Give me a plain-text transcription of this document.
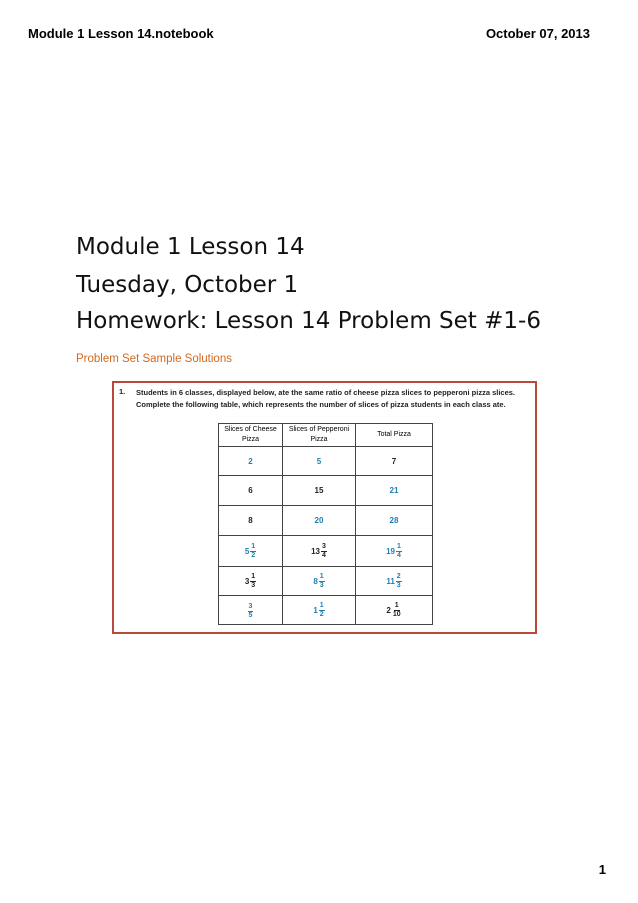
Module 1 Lesson 14.notebook	October 07, 2013
Module 1 Lesson 14
Tuesday, October 1
Homework: Lesson 14 Problem Set #1-6
Problem Set Sample Solutions
1. Students in 6 classes, displayed below, ate the same ratio of cheese pizza slices to pepperoni pizza slices. Complete the following table, which represents the number of slices of pizza students in each class ate.
Slices of Cheese Pizza	Slices of Pepperoni Pizza	Total Pizza
2	5	7
6	15	21
8	20	28

$5 \frac{1}{2}$	$13 \frac{3}{4}$	$19 \frac{1}{4}$

$3 \frac{1}{3}$	$8 \frac{1}{3}$	$11 \frac{2}{3}$

$\frac{3}{5}$	$1 \frac{1}{2}$	$2 \frac{1}{10}$
1
